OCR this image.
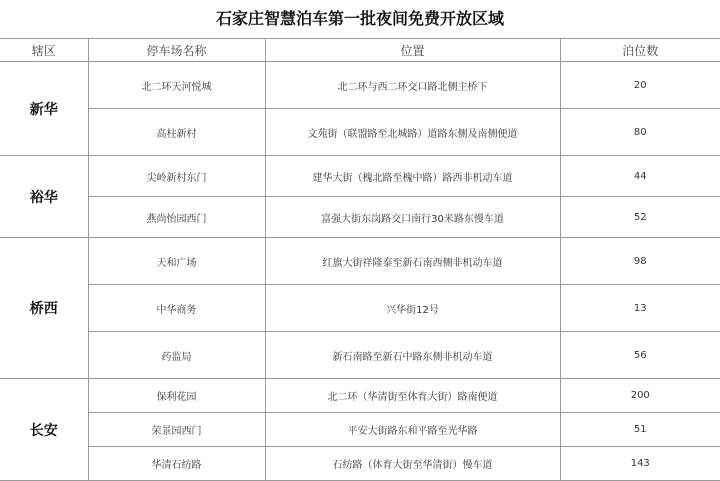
石家庄智慧泊车第一批夜间免费开放区域
辖区	停车场名称	位置	泊位数
新华	北二环天河悦城	北二环与西二环交口路北侧主桥下	20
	高柱新村	文苑街（联盟路至北城路）道路东侧及南侧便道	80
裕华	尖岭新村东门	建华大街（槐北路至槐中路）路西非机动车道	44
	燕尚怡园西门	富强大街东岗路交口南行30米路东慢车道	52
桥西	天和广场	红旗大街祥隆泰至新石南西侧非机动车道	98
	中华商务	兴华街12号	13
	药监局	新石南路至新石中路东侧非机动车道	56
长安	保利花园	北二环（华清街至体育大街）路南便道	200
	荣景园西门	平安大街路东和平路至光华路	51
	华清石纺路	石纺路（体育大街至华清街）慢车道	143
